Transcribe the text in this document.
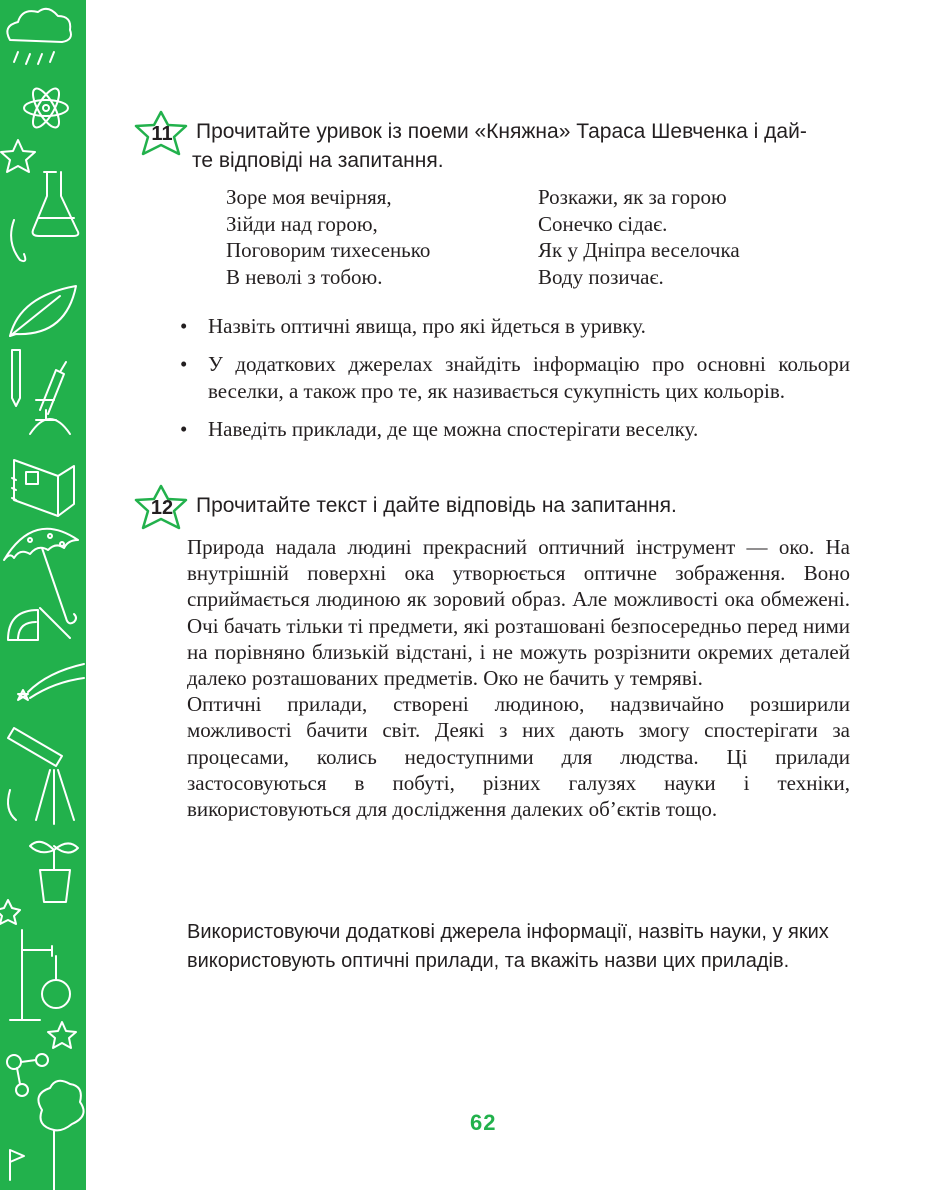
11	Прочитайте уривок із поеми «Княжна» Тараса Шевченка і дай-
те відповіді на запитання.
Зоре моя вечірняя,
Зійди над горою,
Поговорим тихесенько
В неволі з тобою.
Розкажи, як за горою
Сонечко сідає.
Як у Дніпра веселочка
Воду позичає.
• Назвіть оптичні явища, про які йдеться в уривку.
• У додаткових джерелах знайдіть інформацію про основні кольори веселки, а також про те, як називається сукупність цих кольорів.
• Наведіть приклади, де ще можна спостерігати веселку.
12	Прочитайте текст і дайте відповідь на запитання.

Природа надала людині прекрасний оптичний інструмент — око. На внутрішній поверхні ока утворюється оптичне зображення. Воно сприймається людиною як зоровий образ. Але можливості ока обмежені. Очі бачать тільки ті предмети, які розташовані безпосередньо перед ними на порівняно близькій відстані, і не можуть розрізнити окремих деталей далеко розташованих предметів. Око не бачить у темряві.

Оптичні прилади, створені людиною, надзвичайно розширили можливості бачити світ. Деякі з них дають змогу спостерігати за процесами, колись недоступними для людства. Ці прилади застосовуються в побуті, різних галузях науки і техніки, використовуються для дослідження далеких об’єктів тощо.

Використовуючи додаткові джерела інформації, назвіть науки, у яких використовують оптичні прилади, та вкажіть назви цих приладів.
62
